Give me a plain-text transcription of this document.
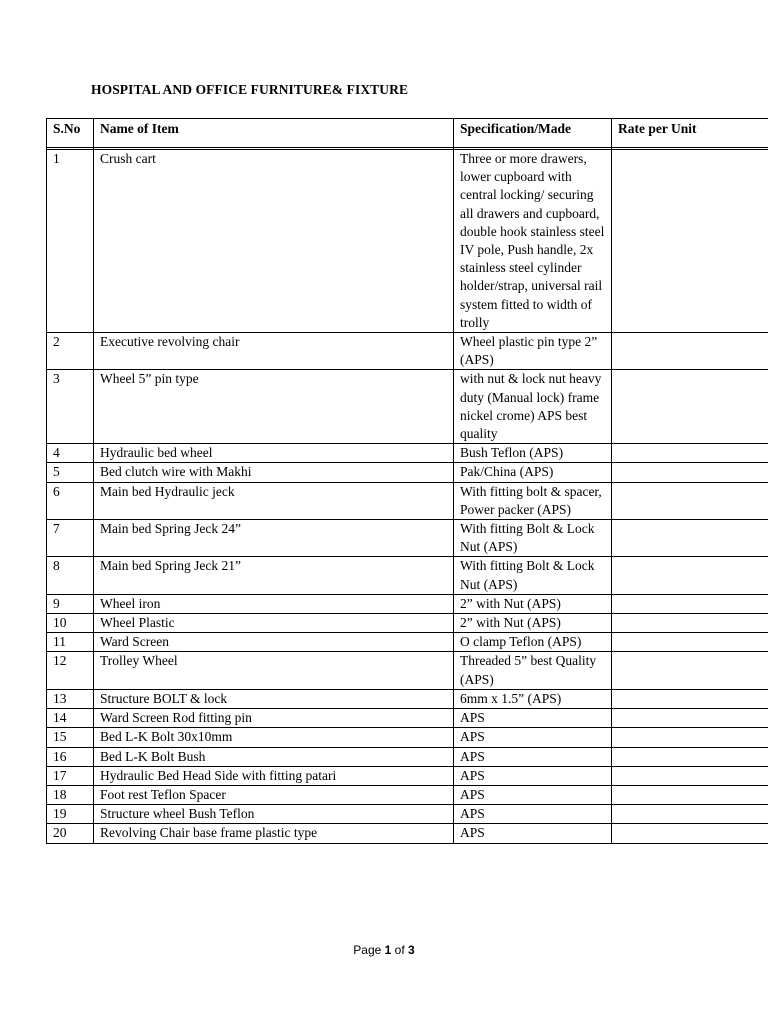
HOSPITAL AND OFFICE FURNITURE& FIXTURE
S.No	Name of Item	Specification/Made	Rate per Unit

1	Crush cart	Three or more drawers, lower cupboard with central locking/ securing all drawers and cupboard, double hook stainless steel IV pole, Push handle, 2x stainless steel cylinder holder/strap, universal rail system fitted to width of trolly	
2	Executive revolving chair	Wheel plastic pin type 2” (APS)	
3	Wheel 5” pin type	with nut & lock nut heavy duty (Manual lock) frame nickel crome) APS best quality	
4	Hydraulic bed wheel	Bush Teflon (APS)	
5	Bed clutch wire with Makhi	Pak/China (APS)	
6	Main bed Hydraulic jeck	With fitting bolt & spacer, Power packer (APS)	
7	Main bed Spring Jeck 24”	With fitting Bolt & Lock Nut (APS)	
8	Main bed Spring Jeck 21”	With fitting Bolt & Lock Nut (APS)	
9	Wheel iron	2” with Nut (APS)	
10	Wheel Plastic	2” with Nut (APS)	
11	Ward Screen	O clamp Teflon (APS)	
12	Trolley Wheel	Threaded 5” best Quality (APS)	
13	Structure BOLT & lock	6mm x 1.5” (APS)	
14	Ward Screen Rod fitting pin	APS	
15	Bed L-K Bolt 30x10mm	APS	
16	Bed L-K Bolt Bush	APS	
17	Hydraulic Bed Head Side with fitting patari	APS	
18	Foot rest Teflon Spacer	APS	
19	Structure wheel Bush Teflon	APS	
20	Revolving Chair base frame plastic type	APS	
Page 1 of 3
